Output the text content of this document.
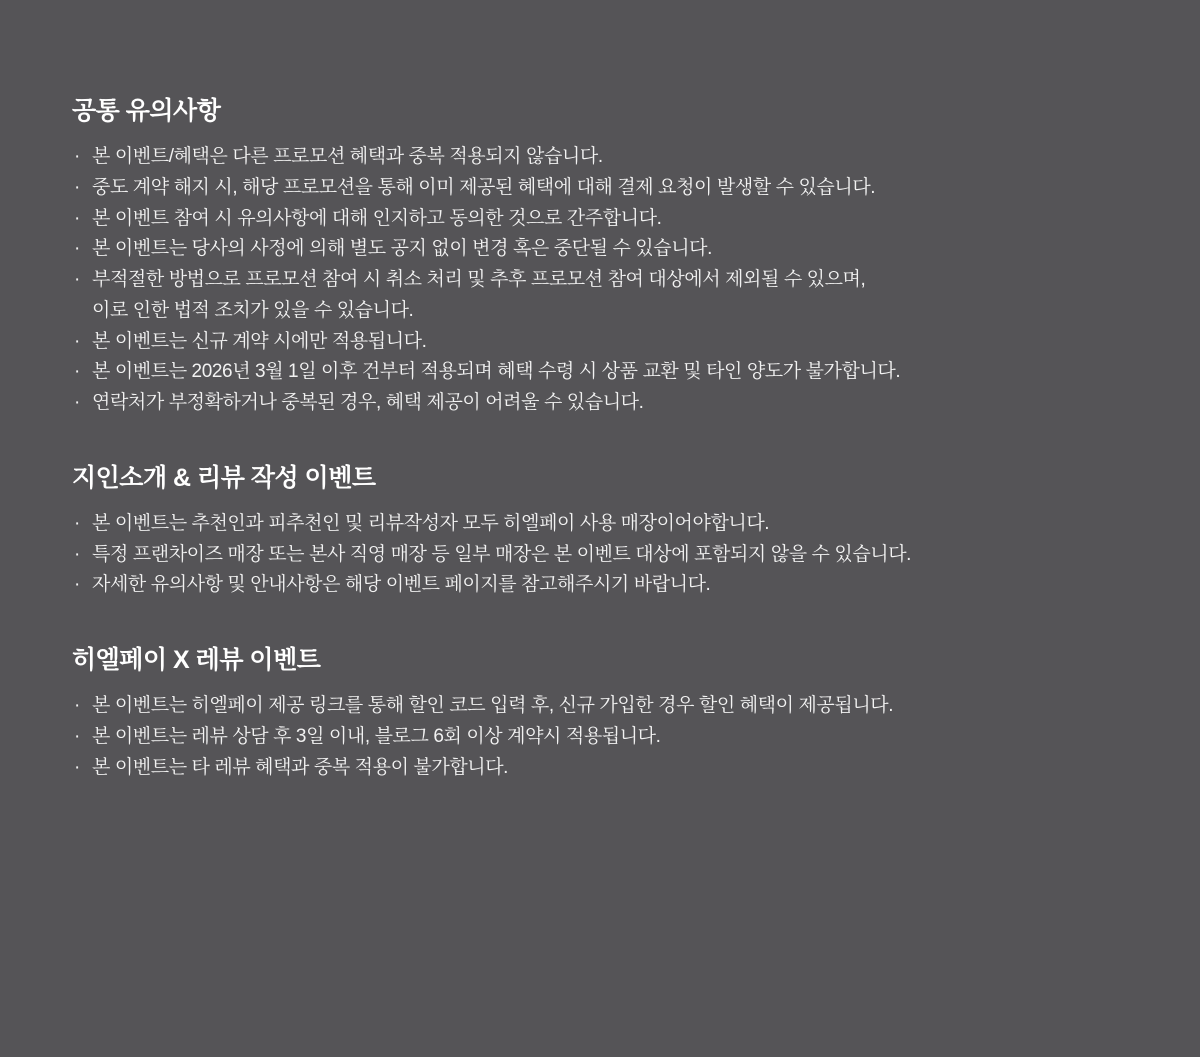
공통 유의사항
· 본 이벤트/혜택은 다른 프로모션 혜택과 중복 적용되지 않습니다.
· 중도 계약 해지 시, 해당 프로모션을 통해 이미 제공된 혜택에 대해 결제 요청이 발생할 수 있습니다.
· 본 이벤트 참여 시 유의사항에 대해 인지하고 동의한 것으로 간주합니다.
· 본 이벤트는 당사의 사정에 의해 별도 공지 없이 변경 혹은 중단될 수 있습니다.
· 부적절한 방법으로 프로모션 참여 시 취소 처리 및 추후 프로모션 참여 대상에서 제외될 수 있으며,
이로 인한 법적 조치가 있을 수 있습니다.
· 본 이벤트는 신규 계약 시에만 적용됩니다.
· 본 이벤트는 2026년 3월 1일 이후 건부터 적용되며 혜택 수령 시 상품 교환 및 타인 양도가 불가합니다.
· 연락처가 부정확하거나 중복된 경우, 혜택 제공이 어려울 수 있습니다.
지인소개 & 리뷰 작성 이벤트
· 본 이벤트는 추천인과 피추천인 및 리뷰작성자 모두 히엘페이 사용 매장이어야합니다.
· 특정 프랜차이즈 매장 또는 본사 직영 매장 등 일부 매장은 본 이벤트 대상에 포함되지 않을 수 있습니다.
· 자세한 유의사항 및 안내사항은 해당 이벤트 페이지를 참고해주시기 바랍니다.
히엘페이 X 레뷰 이벤트
· 본 이벤트는 히엘페이 제공 링크를 통해 할인 코드 입력 후, 신규 가입한 경우 할인 혜택이 제공됩니다.
· 본 이벤트는 레뷰 상담 후 3일 이내, 블로그 6회 이상 계약시 적용됩니다.
· 본 이벤트는 타 레뷰 혜택과 중복 적용이 불가합니다.
